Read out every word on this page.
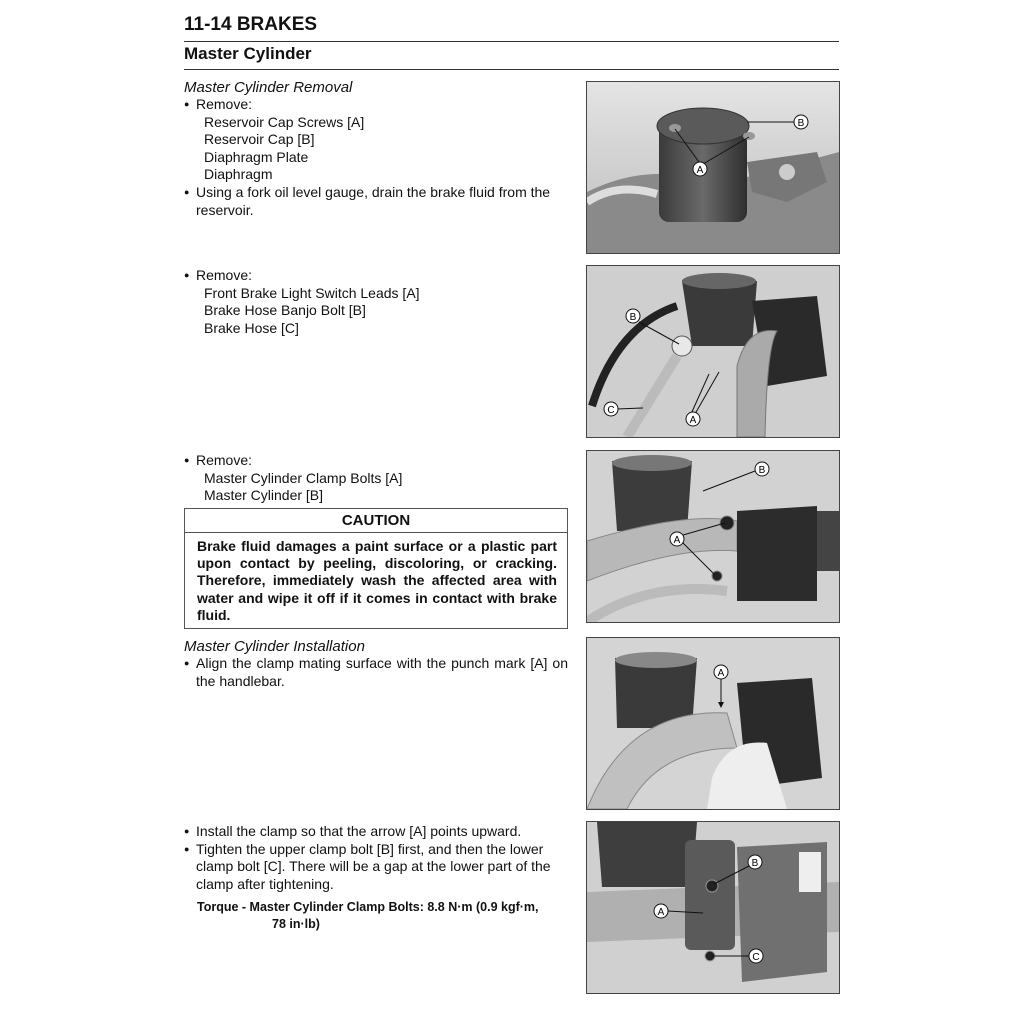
11-14 BRAKES
Master Cylinder
Master Cylinder Removal
● Remove:
Reservoir Cap Screws [A]
Reservoir Cap [B]
Diaphragm Plate
Diaphragm
● Using a fork oil level gauge, drain the brake fluid from the
reservoir.
● Remove:
Front Brake Light Switch Leads [A]
Brake Hose Banjo Bolt [B]
Brake Hose [C]
● Remove:
Master Cylinder Clamp Bolts [A]
Master Cylinder [B]
CAUTION
Brake fluid damages a paint surface or a plastic part upon contact by peeling, discoloring, or cracking. Therefore, immediately wash the affected area with water and wipe it off if it comes in contact with brake fluid.
Master Cylinder Installation
● Align the clamp mating surface with the punch mark [A] on the handlebar.
● Install the clamp so that the arrow [A] points upward.
● Tighten the upper clamp bolt [B] first, and then the lower clamp bolt [C]. There will be a gap at the lower part of the clamp after tightening.
Torque - Master Cylinder Clamp Bolts: 8.8 N·m (0.9 kgf·m,
78 in·lb)
A
B
B
C
A
B
A
A
B
A
C
